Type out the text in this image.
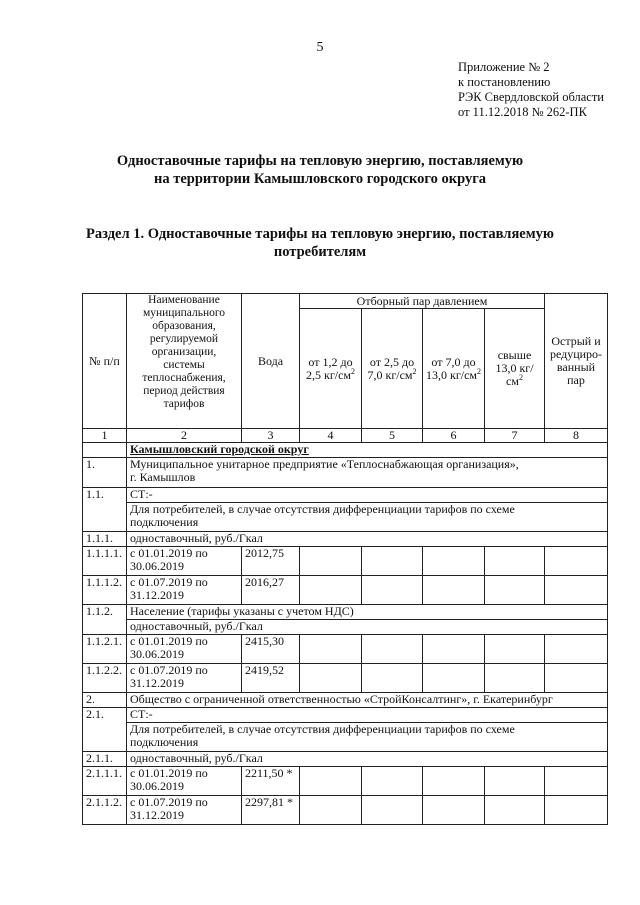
5
Приложение № 2
к постановлению
РЭК Свердловской области
от 11.12.2018 № 262-ПК
Одноставочные тарифы на тепловую энергию, поставляемую
на территории Камышловского городского округа
Раздел 1. Одноставочные тарифы на тепловую энергию, поставляемую
потребителям
№ п/п	Наименование муниципального образования, регулируемой организации, системы теплоснабжения, период действия тарифов	Вода	Отборный пар давлением				Острый и редуциро-ванный пар
			от 1,2 до 2,5 $кг/см^2$	от 2,5 до 7,0 $кг/см^2$	от 7,0 до 13,0 $кг/см^2$	свыше 13,0 $кг/см^2$
1	2	3	4	5	6	7	8
	Камышловский городской округ						
1.	Муниципальное унитарное предприятие «Теплоснабжающая организация»,
г. Камышлов						

1.1.	СТ:-						

	Для потребителей, в случае отсутствия дифференциации тарифов по схеме
подключения						

1.1.1.	одноставочный, руб./Гкал						
1.1.1.1.	с 01.01.2019 по
30.06.2019	2012,75					
1.1.1.2.	с 01.07.2019 по
31.12.2019	2016,27					
1.1.2.	Население (тарифы указаны с учетом НДС)						
	одноставочный, руб./Гкал						
1.1.2.1.	с 01.01.2019 по
30.06.2019	2415,30					
1.1.2.2.	с 01.07.2019 по
31.12.2019	2419,52					
2.	Общество с ограниченной ответственностью «СтройКонсалтинг», г. Екатеринбург						
2.1.	СТ:-						

	Для потребителей, в случае отсутствия дифференциации тарифов по схеме
подключения						

2.1.1.	одноставочный, руб./Гкал						
2.1.1.1.	с 01.01.2019 по
30.06.2019	2211,50 *					
2.1.1.2.	с 01.07.2019 по
31.12.2019	2297,81 *					
